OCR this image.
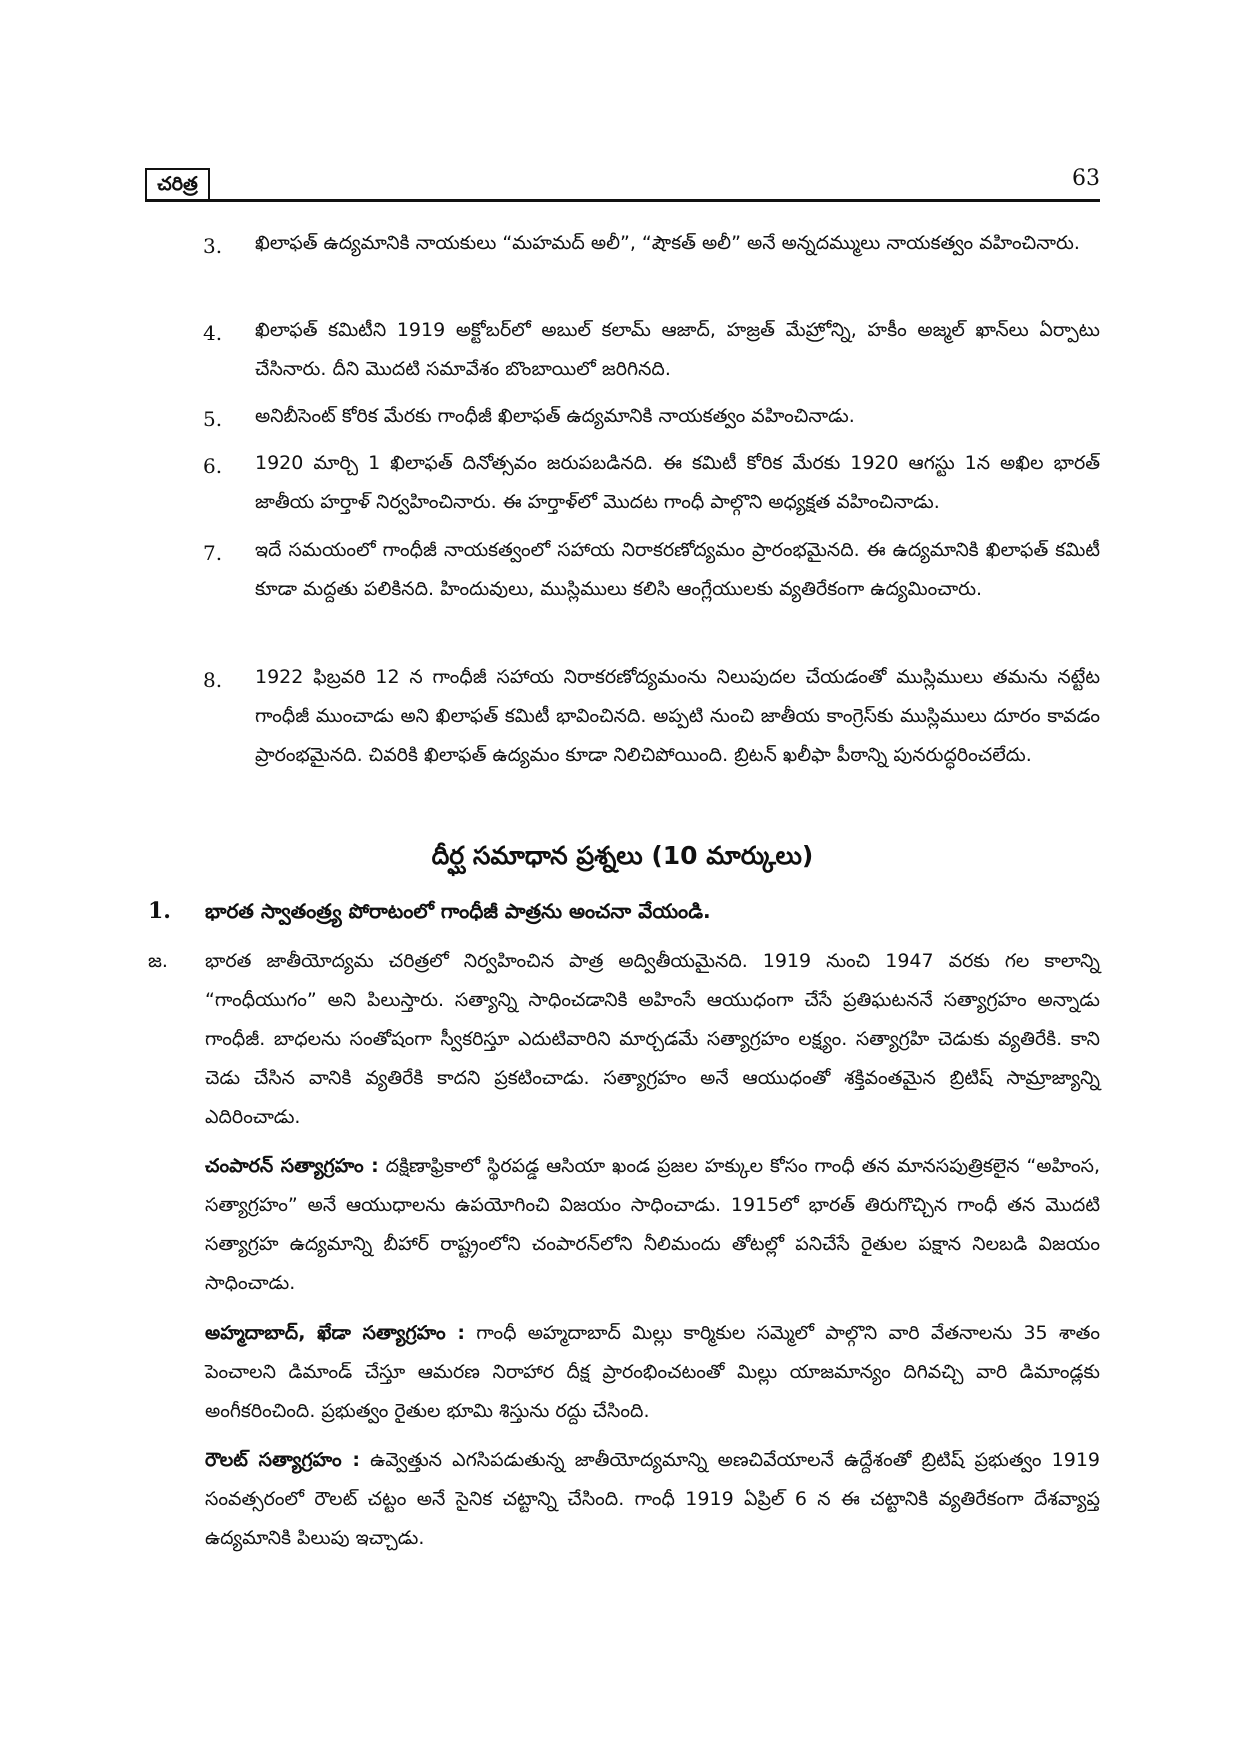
చరిత్ర	63
3.	ఖిలాఫత్ ఉద్యమానికి నాయకులు “మహమద్ అలీ”, “షౌకత్ అలీ” అనే అన్నదమ్ములు నాయకత్వం వహించినారు.
4.	ఖిలాఫత్ కమిటీని 1919 అక్టోబర్‌లో అబుల్ కలామ్ ఆజాద్, హజ్రత్ మేహ్రోన్ని, హకీం అజ్మల్ ఖాన్‌లు ఏర్పాటు చేసినారు. దీని మొదటి సమావేశం బొంబాయిలో జరిగినది.
5.	అనిబీసెంట్ కోరిక మేరకు గాంధీజీ ఖిలాఫత్ ఉద్యమానికి నాయకత్వం వహించినాడు.
6.	1920 మార్చి 1 ఖిలాఫత్ దినోత్సవం జరుపబడినది. ఈ కమిటీ కోరిక మేరకు 1920 ఆగస్టు 1న అఖిల భారత్ జాతీయ హర్తాళ్ నిర్వహించినారు. ఈ హర్తాళ్‌లో మొదట గాంధీ పాల్గొని అధ్యక్షత వహించినాడు.
7.	ఇదే సమయంలో గాంధీజీ నాయకత్వంలో సహాయ నిరాకరణోద్యమం ప్రారంభమైనది. ఈ ఉద్యమానికి ఖిలాఫత్ కమిటీ కూడా మద్దతు పలికినది. హిందువులు, ముస్లిములు కలిసి ఆంగ్లేయులకు వ్యతిరేకంగా ఉద్యమించారు.
8.	1922 ఫిబ్రవరి 12 న గాంధీజీ సహాయ నిరాకరణోద్యమంను నిలుపుదల చేయడంతో ముస్లిములు తమను నట్టేట గాంధీజీ ముంచాడు అని ఖిలాఫత్ కమిటీ భావించినది. అప్పటి నుంచి జాతీయ కాంగ్రెస్‌కు ముస్లిములు దూరం కావడం ప్రారంభమైనది. చివరికి ఖిలాఫత్ ఉద్యమం కూడా నిలిచిపోయింది. బ్రిటన్ ఖలీఫా పీఠాన్ని పునరుద్ధరించలేదు.
దీర్ఘ సమాధాన ప్రశ్నలు (10 మార్కులు)
1. భారత స్వాతంత్ర్య పోరాటంలో గాంధీజీ పాత్రను అంచనా వేయండి.
జ. భారత జాతీయోద్యమ చరిత్రలో నిర్వహించిన పాత్ర అద్వితీయమైనది. 1919 నుంచి 1947 వరకు గల కాలాన్ని “గాంధీయుగం” అని పిలుస్తారు. సత్యాన్ని సాధించడానికి అహింసే ఆయుధంగా చేసే ప్రతిఘటననే సత్యాగ్రహం అన్నాడు గాంధీజీ. బాధలను సంతోషంగా స్వీకరిస్తూ ఎదుటివారిని మార్చడమే సత్యాగ్రహం లక్ష్యం. సత్యాగ్రహి చెడుకు వ్యతిరేకి. కాని చెడు చేసిన వానికి వ్యతిరేకి కాదని ప్రకటించాడు. సత్యాగ్రహం అనే ఆయుధంతో శక్తివంతమైన బ్రిటిష్ సామ్రాజ్యాన్ని ఎదిరించాడు.
చంపారన్ సత్యాగ్రహం : దక్షిణాఫ్రికాలో స్థిరపడ్డ ఆసియా ఖండ ప్రజల హక్కుల కోసం గాంధీ తన మానసపుత్రికలైన “అహింస, సత్యాగ్రహం” అనే ఆయుధాలను ఉపయోగించి విజయం సాధించాడు. 1915లో భారత్ తిరుగొచ్చిన గాంధీ తన మొదటి సత్యాగ్రహ ఉద్యమాన్ని బీహార్ రాష్ట్రంలోని చంపారన్‌లోని నీలిమందు తోటల్లో పనిచేసే రైతుల పక్షాన నిలబడి విజయం సాధించాడు.
అహ్మదాబాద్, ఖేడా సత్యాగ్రహం : గాంధీ అహ్మదాబాద్ మిల్లు కార్మికుల సమ్మెలో పాల్గొని వారి వేతనాలను 35 శాతం పెంచాలని డిమాండ్ చేస్తూ ఆమరణ నిరాహార దీక్ష ప్రారంభించటంతో మిల్లు యాజమాన్యం దిగివచ్చి వారి డిమాండ్లకు అంగీకరించింది. ప్రభుత్వం రైతుల భూమి శిస్తును రద్దు చేసింది.
రౌలట్ సత్యాగ్రహం : ఉవ్వెత్తున ఎగసిపడుతున్న జాతీయోద్యమాన్ని అణచివేయాలనే ఉద్దేశంతో బ్రిటిష్ ప్రభుత్వం 1919 సంవత్సరంలో రౌలట్ చట్టం అనే సైనిక చట్టాన్ని చేసింది. గాంధీ 1919 ఏప్రిల్ 6 న ఈ చట్టానికి వ్యతిరేకంగా దేశవ్యాప్త ఉద్యమానికి పిలుపు ఇచ్చాడు.
